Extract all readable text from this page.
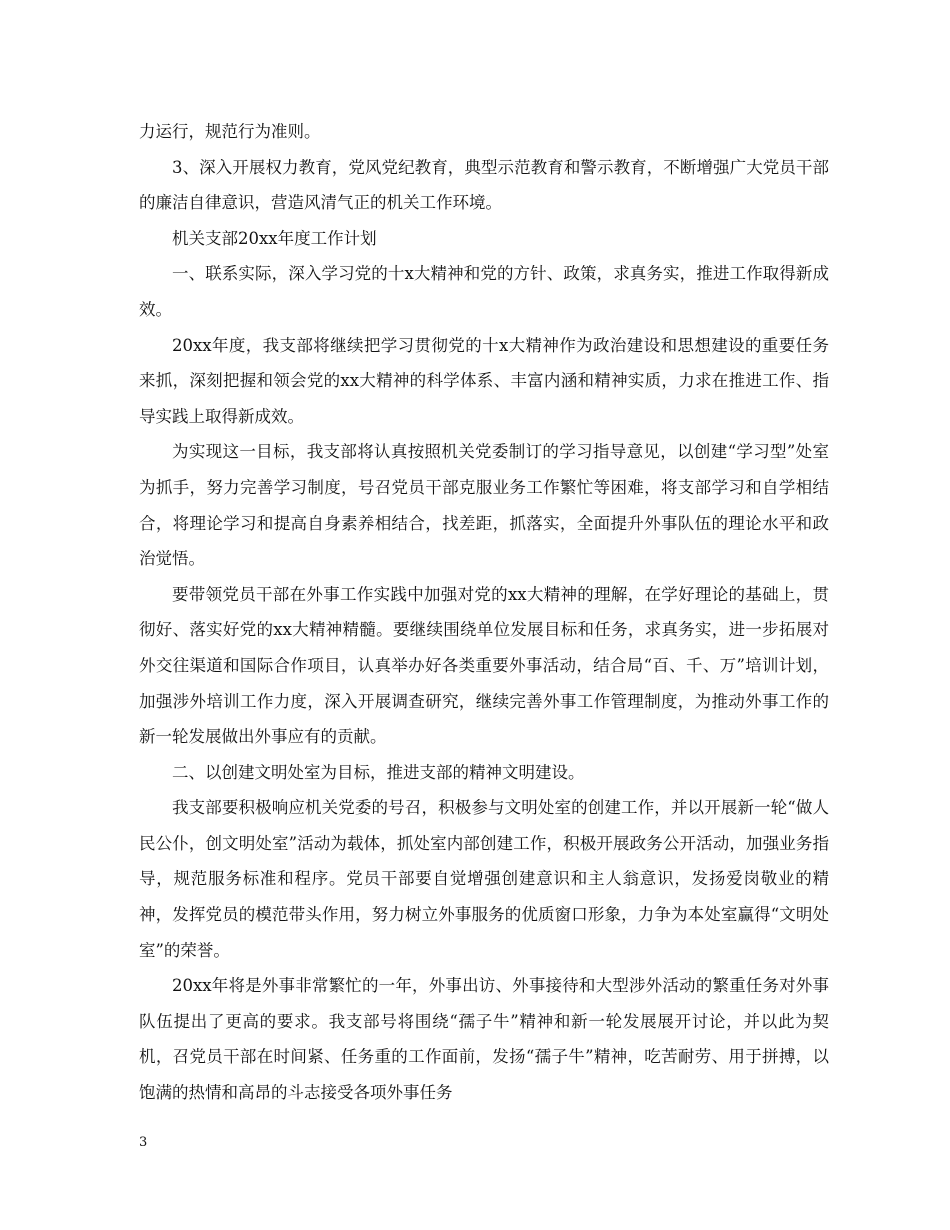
力运行，规范行为准则。

3、深入开展权力教育，党风党纪教育，典型示范教育和警示教育，不断增强广大党员干部的廉洁自律意识，营造风清气正的机关工作环境。

机关支部20xx年度工作计划

一、联系实际，深入学习党的十x大精神和党的方针、政策，求真务实，推进工作取得新成效。

20xx年度，我支部将继续把学习贯彻党的十x大精神作为政治建设和思想建设的重要任务来抓，深刻把握和领会党的xx大精神的科学体系、丰富内涵和精神实质，力求在推进工作、指导实践上取得新成效。

为实现这一目标，我支部将认真按照机关党委制订的学习指导意见，以创建“学习型”处室为抓手，努力完善学习制度，号召党员干部克服业务工作繁忙等困难，将支部学习和自学相结合，将理论学习和提高自身素养相结合，找差距，抓落实，全面提升外事队伍的理论水平和政治觉悟。

要带领党员干部在外事工作实践中加强对党的xx大精神的理解，在学好理论的基础上，贯彻好、落实好党的xx大精神精髓。要继续围绕单位发展目标和任务，求真务实，进一步拓展对外交往渠道和国际合作项目，认真举办好各类重要外事活动，结合局“百、千、万”培训计划，加强涉外培训工作力度，深入开展调查研究，继续完善外事工作管理制度，为推动外事工作的新一轮发展做出外事应有的贡献。

二、以创建文明处室为目标，推进支部的精神文明建设。

我支部要积极响应机关党委的号召，积极参与文明处室的创建工作，并以开展新一轮“做人民公仆，创文明处室”活动为载体，抓处室内部创建工作，积极开展政务公开活动，加强业务指导，规范服务标准和程序。党员干部要自觉增强创建意识和主人翁意识，发扬爱岗敬业的精神，发挥党员的模范带头作用，努力树立外事服务的优质窗口形象，力争为本处室赢得“文明处室”的荣誉。

20xx年将是外事非常繁忙的一年，外事出访、外事接待和大型涉外活动的繁重任务对外事队伍提出了更高的要求。我支部号将围绕“孺子牛”精神和新一轮发展展开讨论，并以此为契机，召党员干部在时间紧、任务重的工作面前，发扬“孺子牛”精神，吃苦耐劳、用于拼搏，以饱满的热情和高昂的斗志接受各项外事任务

3
